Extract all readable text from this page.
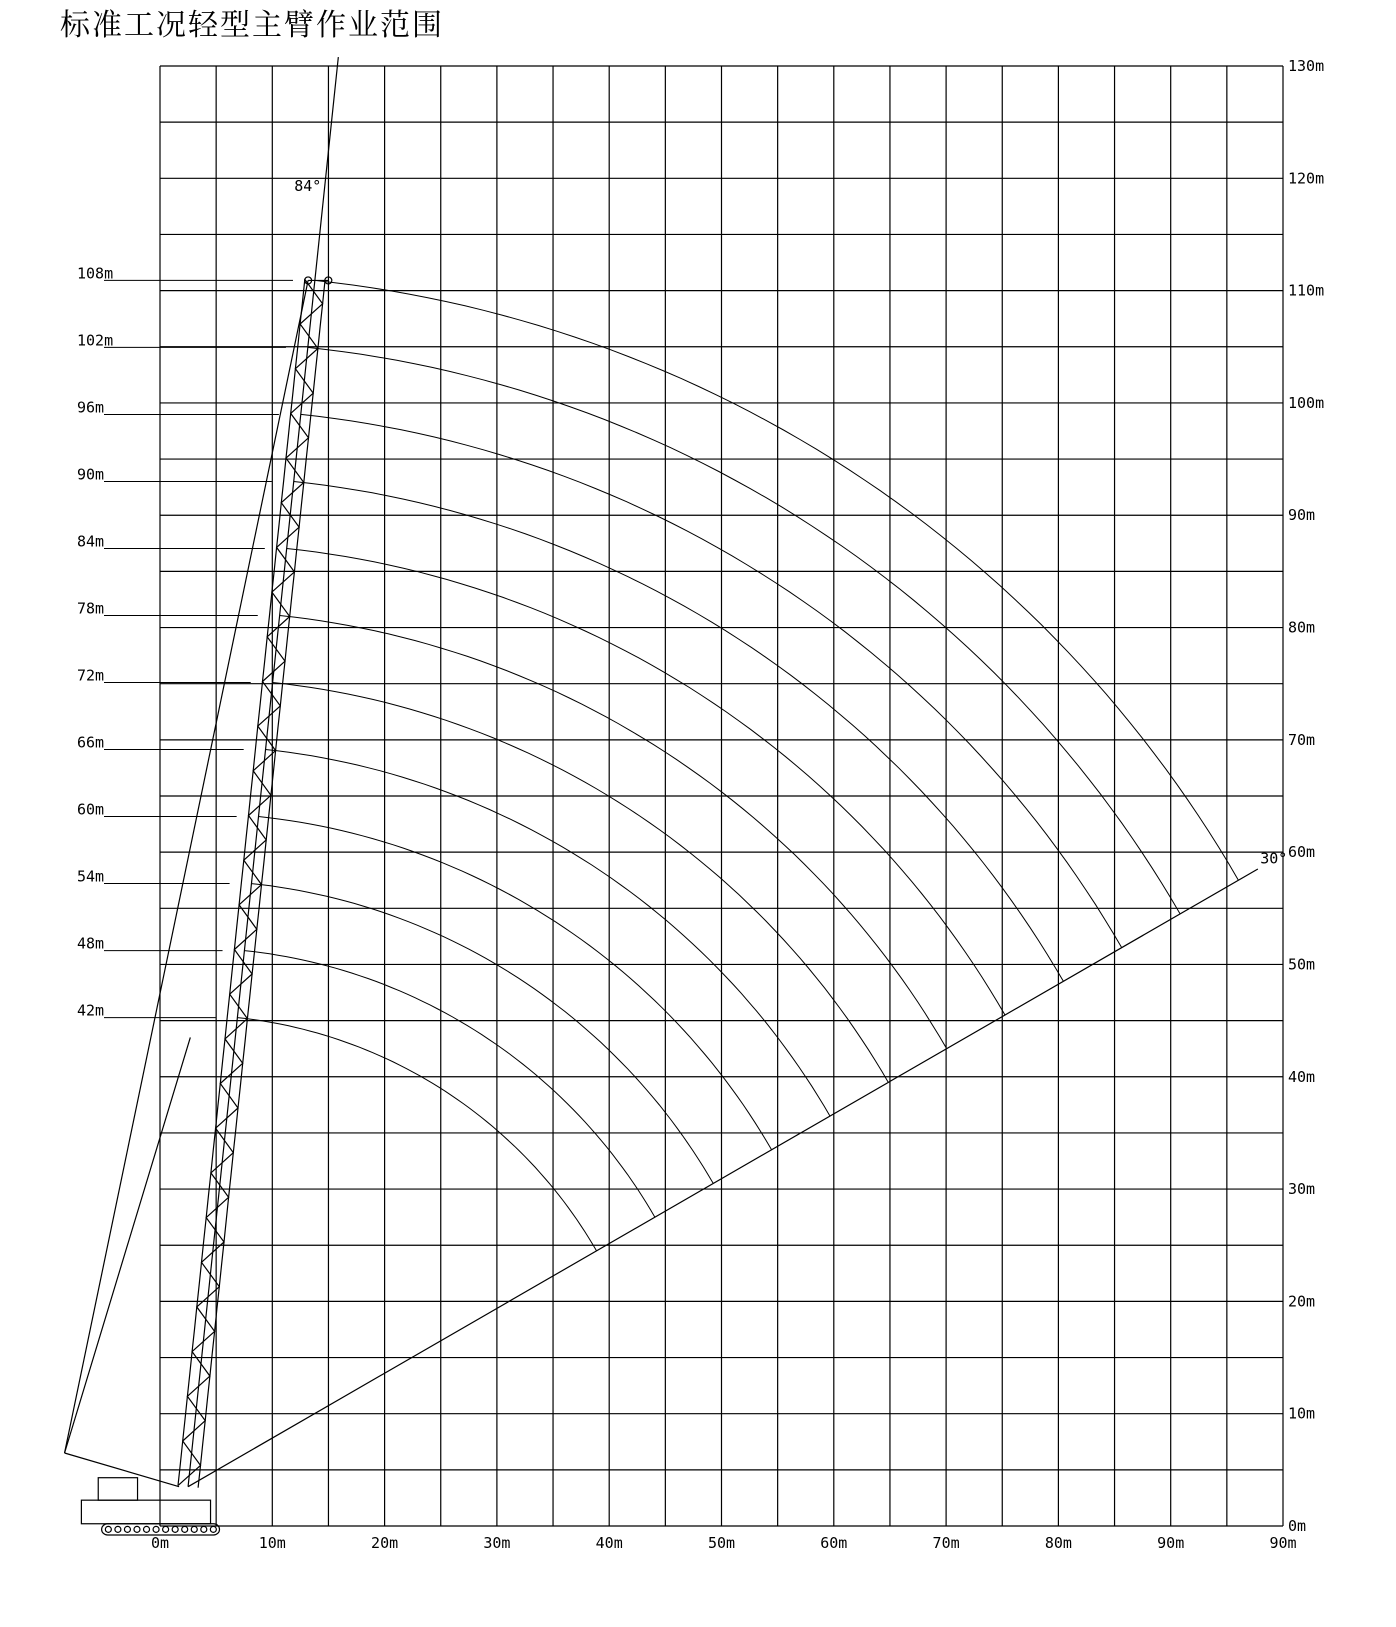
标准工况轻型主臂作业范围
108m
102m
96m
90m
84m
78m
72m
66m
60m
54m
48m
42m
0m	10m	20m	30m	40m	50m	60m	70m	80m	90m	90m
0m
10m
20m
30m
40m
50m
60m
70m
80m
90m
100m
110m
120m
130m
84°
30°
